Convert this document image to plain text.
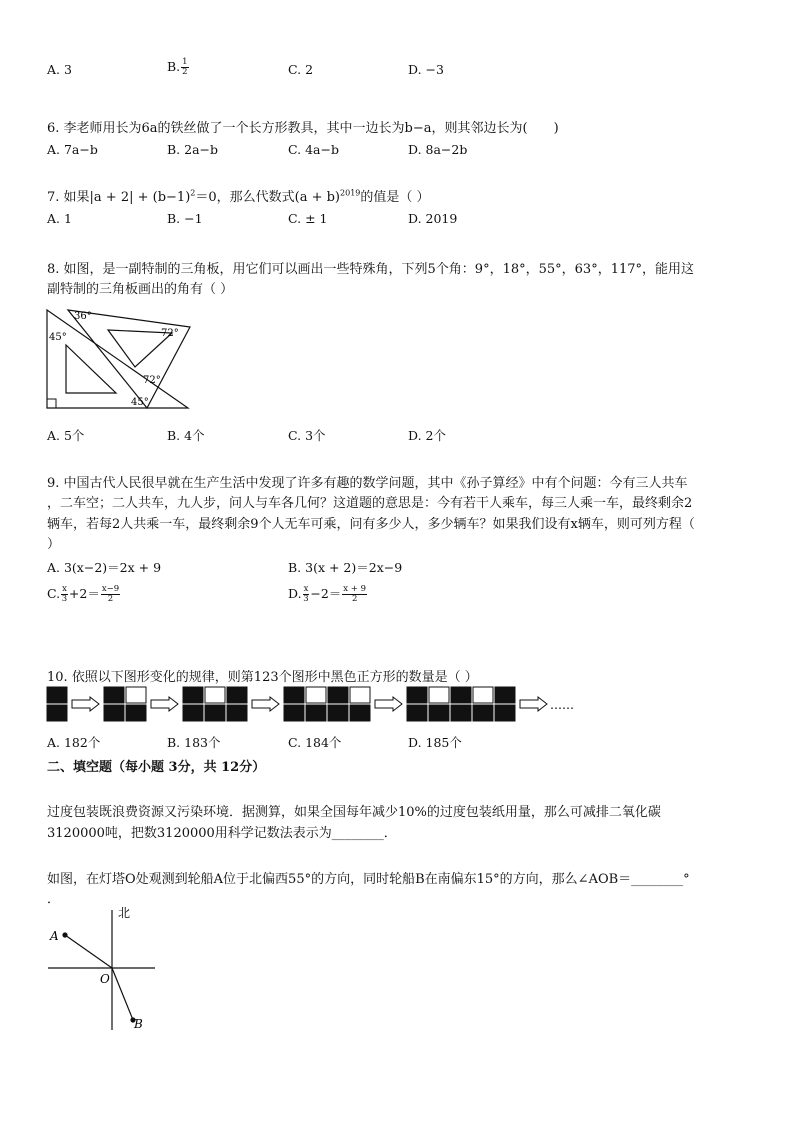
A. 3	B. $\frac{1}{2}$	C. 2	D. −3
6. 李老师用长为6a的铁丝做了一个长方形教具，其中一边长为b−a，则其邻边长为(　　)
A. 7a−b	B. 2a−b	C. 4a−b	D. 8a−2b
7. 如果$|a + 2| + (b-1)^2=0$，那么代数式$(a + b)^{2019}$的值是（ ）
A. 1	B. −1	C. ± 1	D. 2019
8. 如图，是一副特制的三角板，用它们可以画出一些特殊角，下列5个角：9°，18°，55°，63°，117°，能用这
副特制的三角板画出的角有（ ）
36°
45°	72°
72°
45°
A. 5个	B. 4个	C. 3个	D. 2个
9. 中国古代人民很早就在生产生活中发现了许多有趣的数学问题，其中《孙子算经》中有个问题：今有三人共车
，二车空；二人共车，九人步，问人与车各几何？这道题的意思是：今有若干人乘车，每三人乘一车，最终剩余2
辆车，若每2人共乘一车，最终剩余9个人无车可乘，问有多少人，多少辆车？如果我们设有x辆车，则可列方程（
）
A. 3(x−2)＝2x + 9	B. 3(x + 2)＝2x−9
C. $\frac{x}{3} +2= \frac{x-9}{2}$	D. $\frac{x}{3} -2= \frac{x + 9}{2}$
10. 依照以下图形变化的规律，则第123个图形中黑色正方形的数量是（ ）
……
A. 182个	B. 183个	C. 184个	D. 185个
二、填空题（每小题 3分，共 12分）
过度包装既浪费资源又污染环境．据测算，如果全国每年减少10%的过度包装纸用量，那么可减排二氧化碳
3120000吨，把数3120000用科学记数法表示为________．
如图，在灯塔O处观测到轮船A位于北偏西55°的方向，同时轮船B在南偏东15°的方向，那么∠AOB＝________°
．
北
A
O
B
